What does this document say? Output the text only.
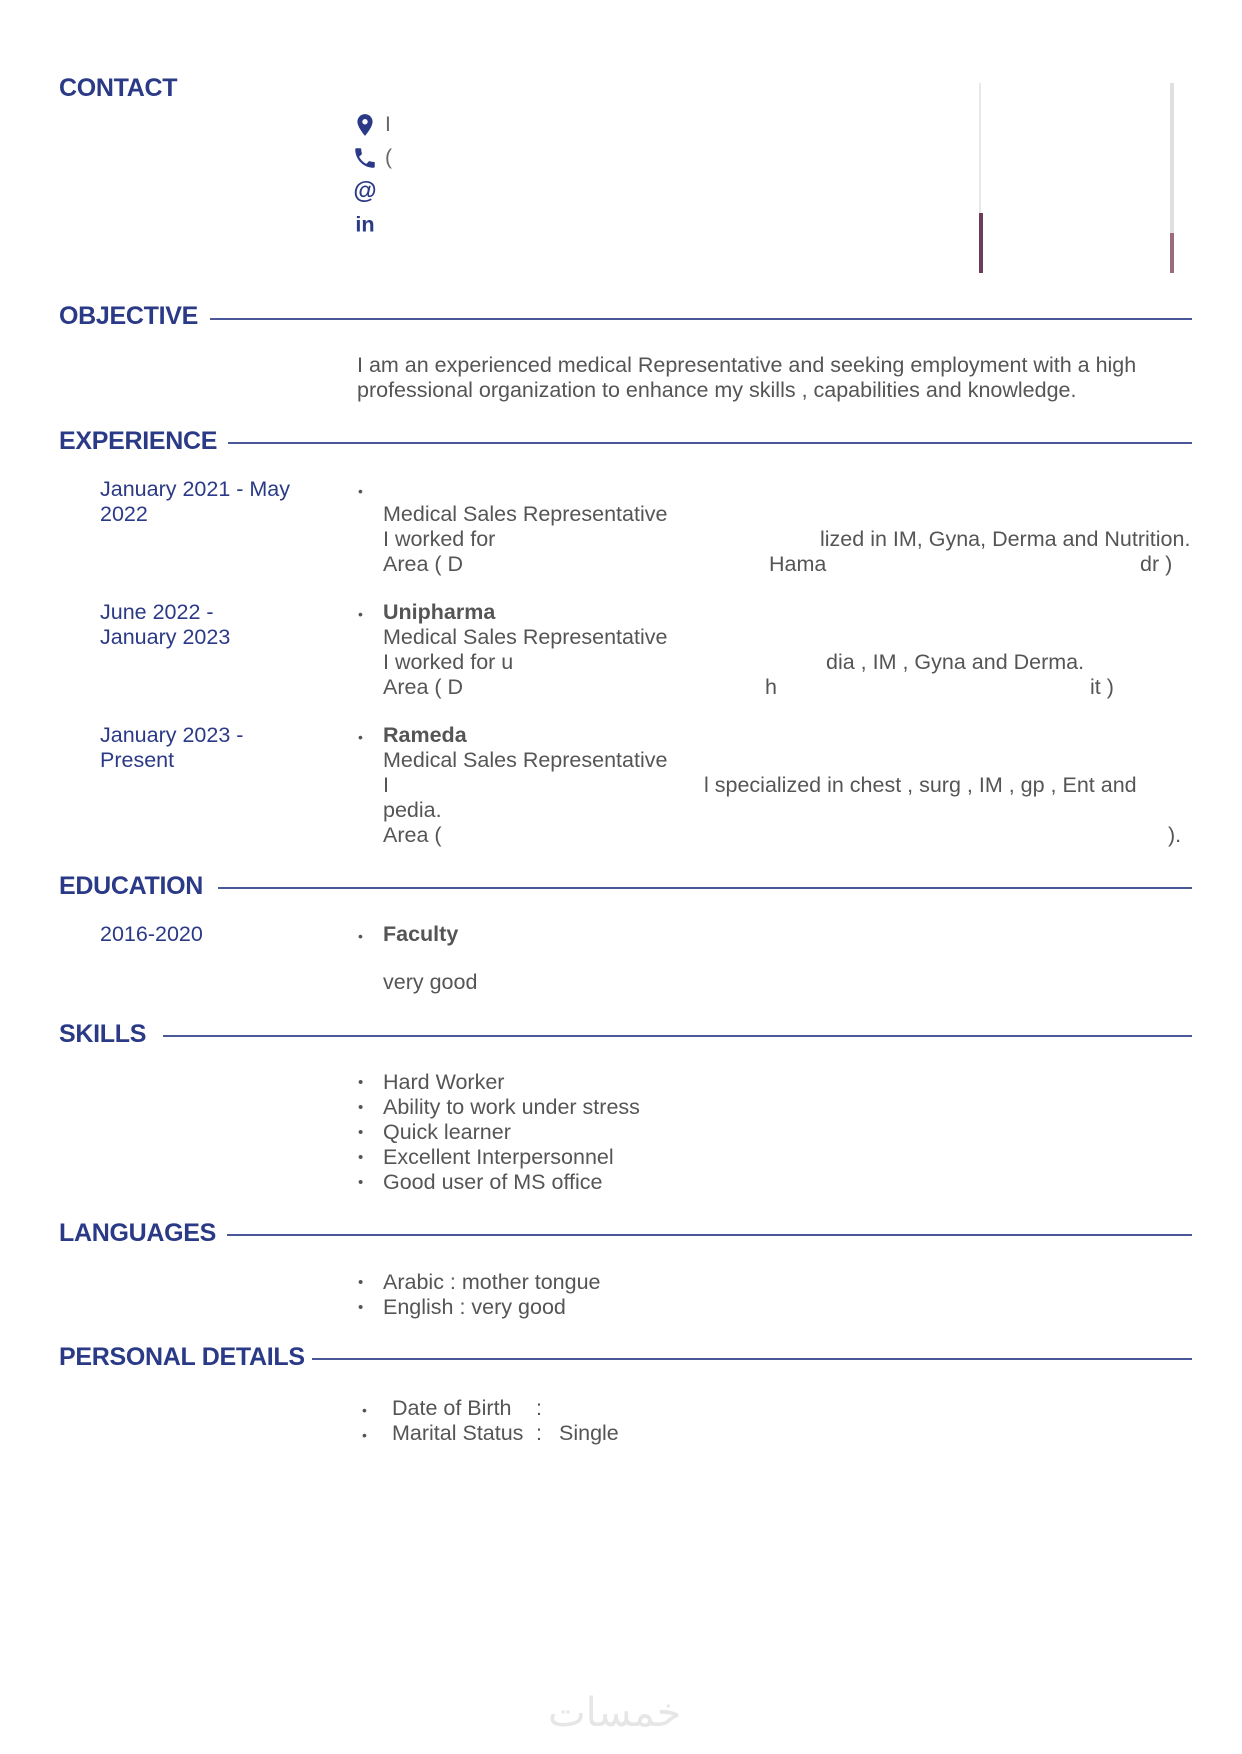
CONTACT
I
(
@
in
OBJECTIVE
I am an experienced medical Representative and seeking employment with a high
professional organization to enhance my skills , capabilities and knowledge.
EXPERIENCE
January 2021 - May
2022
•
Medical Sales Representative
I worked for	lized in IM, Gyna, Derma and Nutrition.
Area ( D	Hama	dr )
June 2022 -
January 2023
• Unipharma
Medical Sales Representative
I worked for u	dia , IM , Gyna and Derma.
Area ( D	h	it )
January 2023 -
Present
• Rameda
Medical Sales Representative
I	l specialized in chest , surg , IM , gp , Ent and
pedia.
Area (	).
EDUCATION
2016-2020	• Faculty
very good
SKILLS
• Hard Worker
• Ability to work under stress
• Quick learner
• Excellent Interpersonnel
• Good user of MS office
LANGUAGES
• Arabic : mother tongue
• English : very good
PERSONAL DETAILS
• Date of Birth :
• Marital Status : Single
خمسات
